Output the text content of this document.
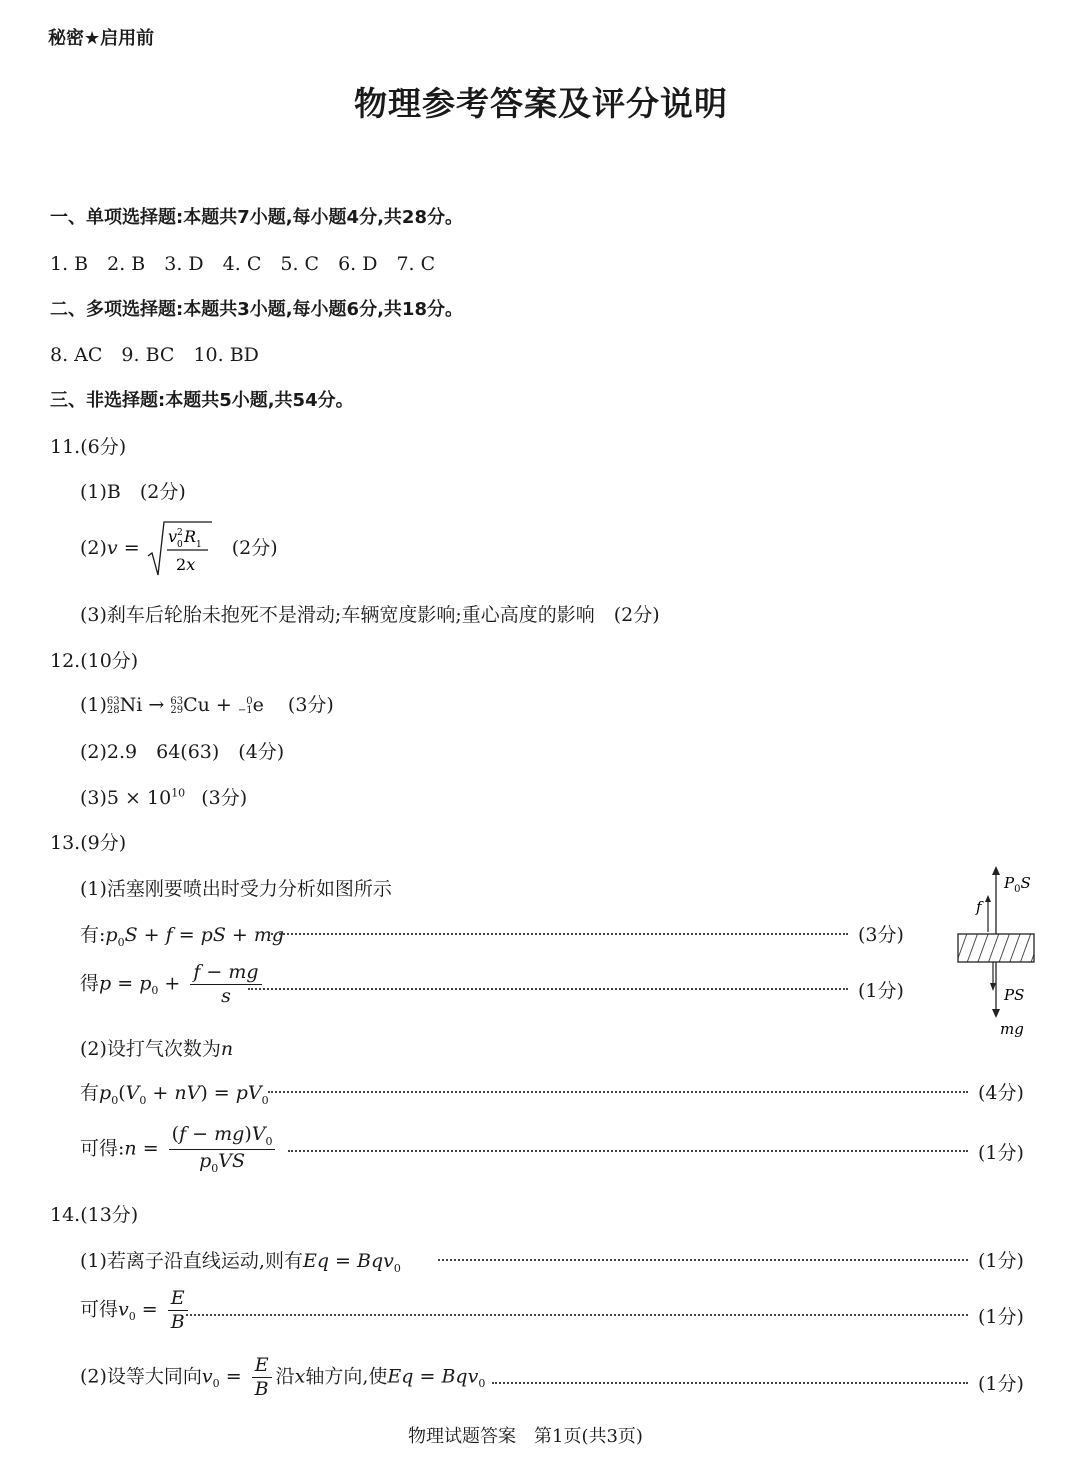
秘密★启用前
物理参考答案及评分说明
一、单项选择题:本题共7小题,每小题4分,共28分。
1. B　2. B　3. D　4. C　5. C　6. D　7. C
二、多项选择题:本题共3小题,每小题6分,共18分。
8. AC　9. BC　10. BD
三、非选择题:本题共5小题,共54分。
11.(6分)
(1)B　(2分)
(2)v =
v 0
2 R 1
2x
(2分)
(3)刹车后轮胎未抱死不是滑动;车辆宽度影响;重心高度的影响　(2分)
12.(10分)
(1)63
28Ni → 63
29Cu + 0
−1e (3分)
(2)2.9　64(63)　(4分)
$(3)5 \times 10^{10}$ (3分)
13.(9分)
(1)活塞刚要喷出时受力分析如图所示
有$:p_0S + f$ = pS + mg	(3分)
得$p = p_0 + \frac{f - mg}{s}$	(1分)
(2)设打气次数为n
有$p_0(V_0 + nV) = pV_0$	(4分)
可得:n = $\frac{(f - mg)V_0}{p_0VS}$	(1分)
$P_0S$
f
PS
mg
14.(13分)
(1)若离子沿直线运动,则有Eq = Bqv$_0$	(1分)
可得$v_0 = \frac{E}{B}$	(1分)
(2)设等大同向$v_0 = \frac{E}{B}$ 沿x轴方向,使Eq = Bqv$_0$	(1分)
物理试题答案　第1页(共3页)
